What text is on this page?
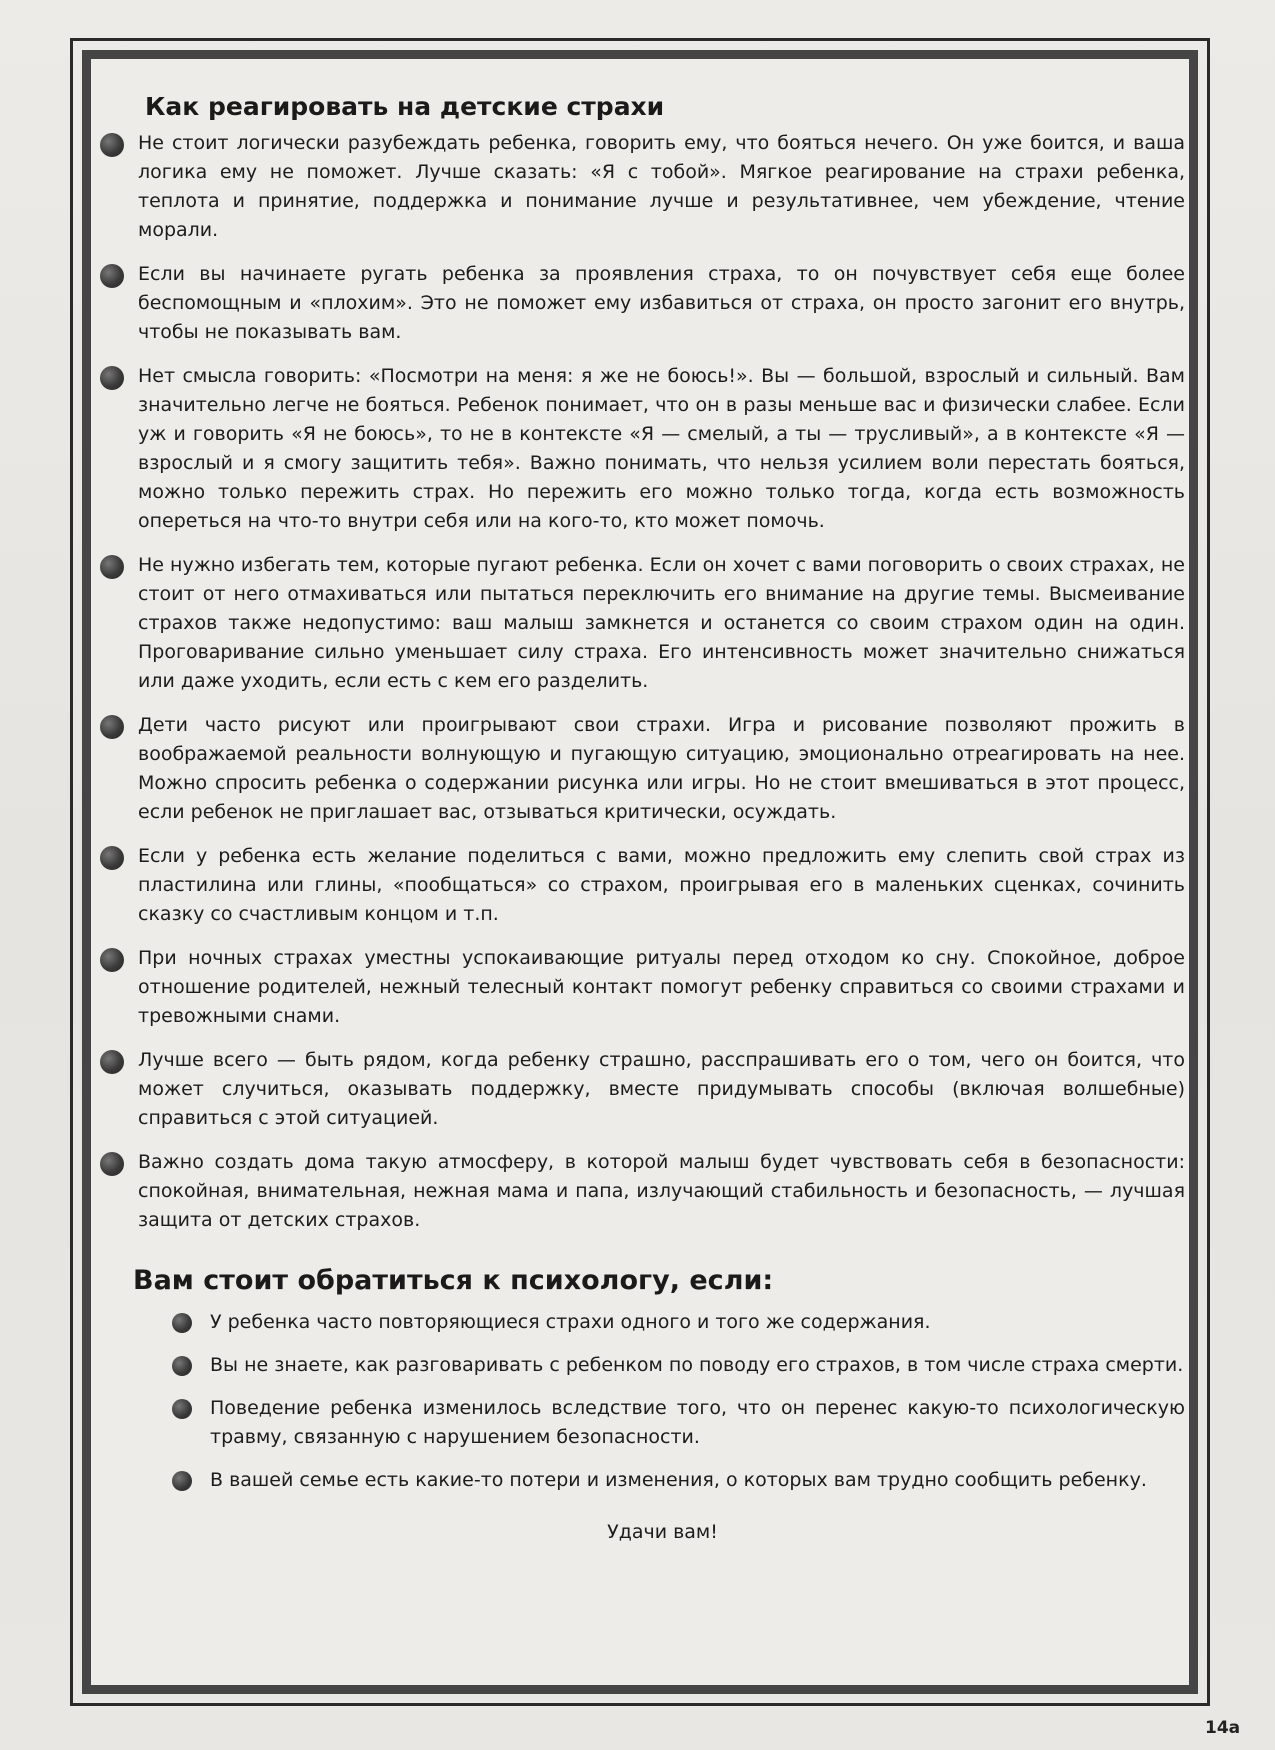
Как реагировать на детские страхи
Не стоит логически разубеждать ребенка, говорить ему, что бояться нечего. Он уже боится, и ваша логика ему не поможет. Лучше сказать: «Я с тобой». Мягкое реагирование на страхи ребенка, теплота и принятие, поддержка и понимание лучше и результативнее, чем убеждение, чтение морали.
Если вы начинаете ругать ребенка за проявления страха, то он почувствует себя еще более беспомощным и «плохим». Это не поможет ему избавиться от страха, он просто загонит его внутрь, чтобы не показывать вам.
Нет смысла говорить: «Посмотри на меня: я же не боюсь!». Вы — большой, взрослый и сильный. Вам значительно легче не бояться. Ребенок понимает, что он в разы меньше вас и физически слабее. Если уж и говорить «Я не боюсь», то не в контексте «Я — смелый, а ты — трусливый», а в контексте «Я — взрослый и я смогу защитить тебя». Важно понимать, что нельзя усилием воли перестать бояться, можно только пережить страх. Но пережить его можно только тогда, когда есть возможность опереться на что-то внутри себя или на кого-то, кто может помочь.
Не нужно избегать тем, которые пугают ребенка. Если он хочет с вами поговорить о своих страхах, не стоит от него отмахиваться или пытаться переключить его внимание на другие темы. Высмеивание страхов также недопустимо: ваш малыш замкнется и останется со своим страхом один на один. Проговаривание сильно уменьшает силу страха. Его интенсивность может значительно снижаться или даже уходить, если есть с кем его разделить.
Дети часто рисуют или проигрывают свои страхи. Игра и рисование позволяют прожить в воображаемой реальности волнующую и пугающую ситуацию, эмоционально отреагировать на нее. Можно спросить ребенка о содержании рисунка или игры. Но не стоит вмешиваться в этот процесс, если ребенок не приглашает вас, отзываться критически, осуждать.
Если у ребенка есть желание поделиться с вами, можно предложить ему слепить свой страх из пластилина или глины, «пообщаться» со страхом, проигрывая его в маленьких сценках, сочинить сказку со счастливым концом и т.п.
При ночных страхах уместны успокаивающие ритуалы перед отходом ко сну. Спокойное, доброе отношение родителей, нежный телесный контакт помогут ребенку справиться со своими страхами и тревожными снами.
Лучше всего — быть рядом, когда ребенку страшно, расспрашивать его о том, чего он боится, что может случиться, оказывать поддержку, вместе придумывать способы (включая волшебные) справиться с этой ситуацией.
Важно создать дома такую атмосферу, в которой малыш будет чувствовать себя в безопасности: спокойная, внимательная, нежная мама и папа, излучающий стабильность и безопасность, — лучшая защита от детских страхов.
Вам стоит обратиться к психологу, если:
У ребенка часто повторяющиеся страхи одного и того же содержания.
Вы не знаете, как разговаривать с ребенком по поводу его страхов, в том числе страха смерти.
Поведение ребенка изменилось вследствие того, что он перенес какую-то психологическую травму, связанную с нарушением безопасности.
В вашей семье есть какие-то потери и изменения, о которых вам трудно сообщить ребенку.
Удачи вам!
14a
